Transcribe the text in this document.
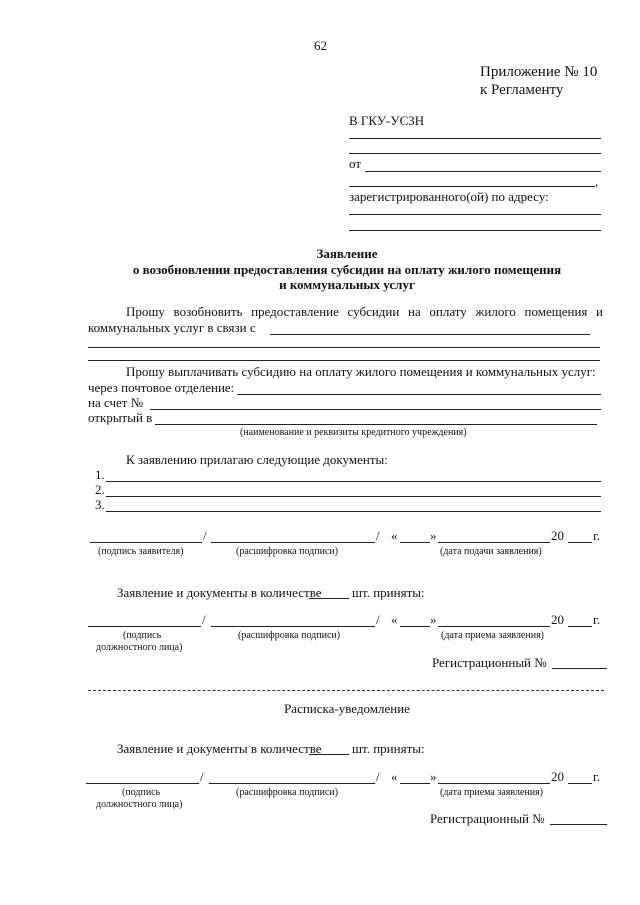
62
Приложение № 10
к Регламенту
В ГКУ-УСЗН
от
,
зарегистрированного(ой) по адресу:
Заявление
о возобновлении предоставления субсидии на оплату жилого помещения
и коммунальных услуг
Прошу возобновить предоставление субсидии на оплату жилого помещения и
коммунальных услуг в связи с
Прошу выплачивать субсидию на оплату жилого помещения и коммунальных услуг:
через почтовое отделение:
на счет №
открытый в
(наименование и реквизиты кредитного учреждения)
К заявлению прилагаю следующие документы:
1.
2.
3.
/	/ «	»	20 г.
(подпись заявителя)	(расшифровка подписи)	(дата подачи заявления)
Заявление и документы в количестве шт. приняты:
/	/ «	»	20 г.
(подпись
должностного лица)
(расшифровка подписи)	(дата приема заявления)
Регистрационный №
Расписка-уведомление
Заявление и документы в количестве шт. приняты:
/	/ «	»	20 г.
(подпись
должностного лица)
(расшифровка подписи)	(дата приема заявления)
Регистрационный №
